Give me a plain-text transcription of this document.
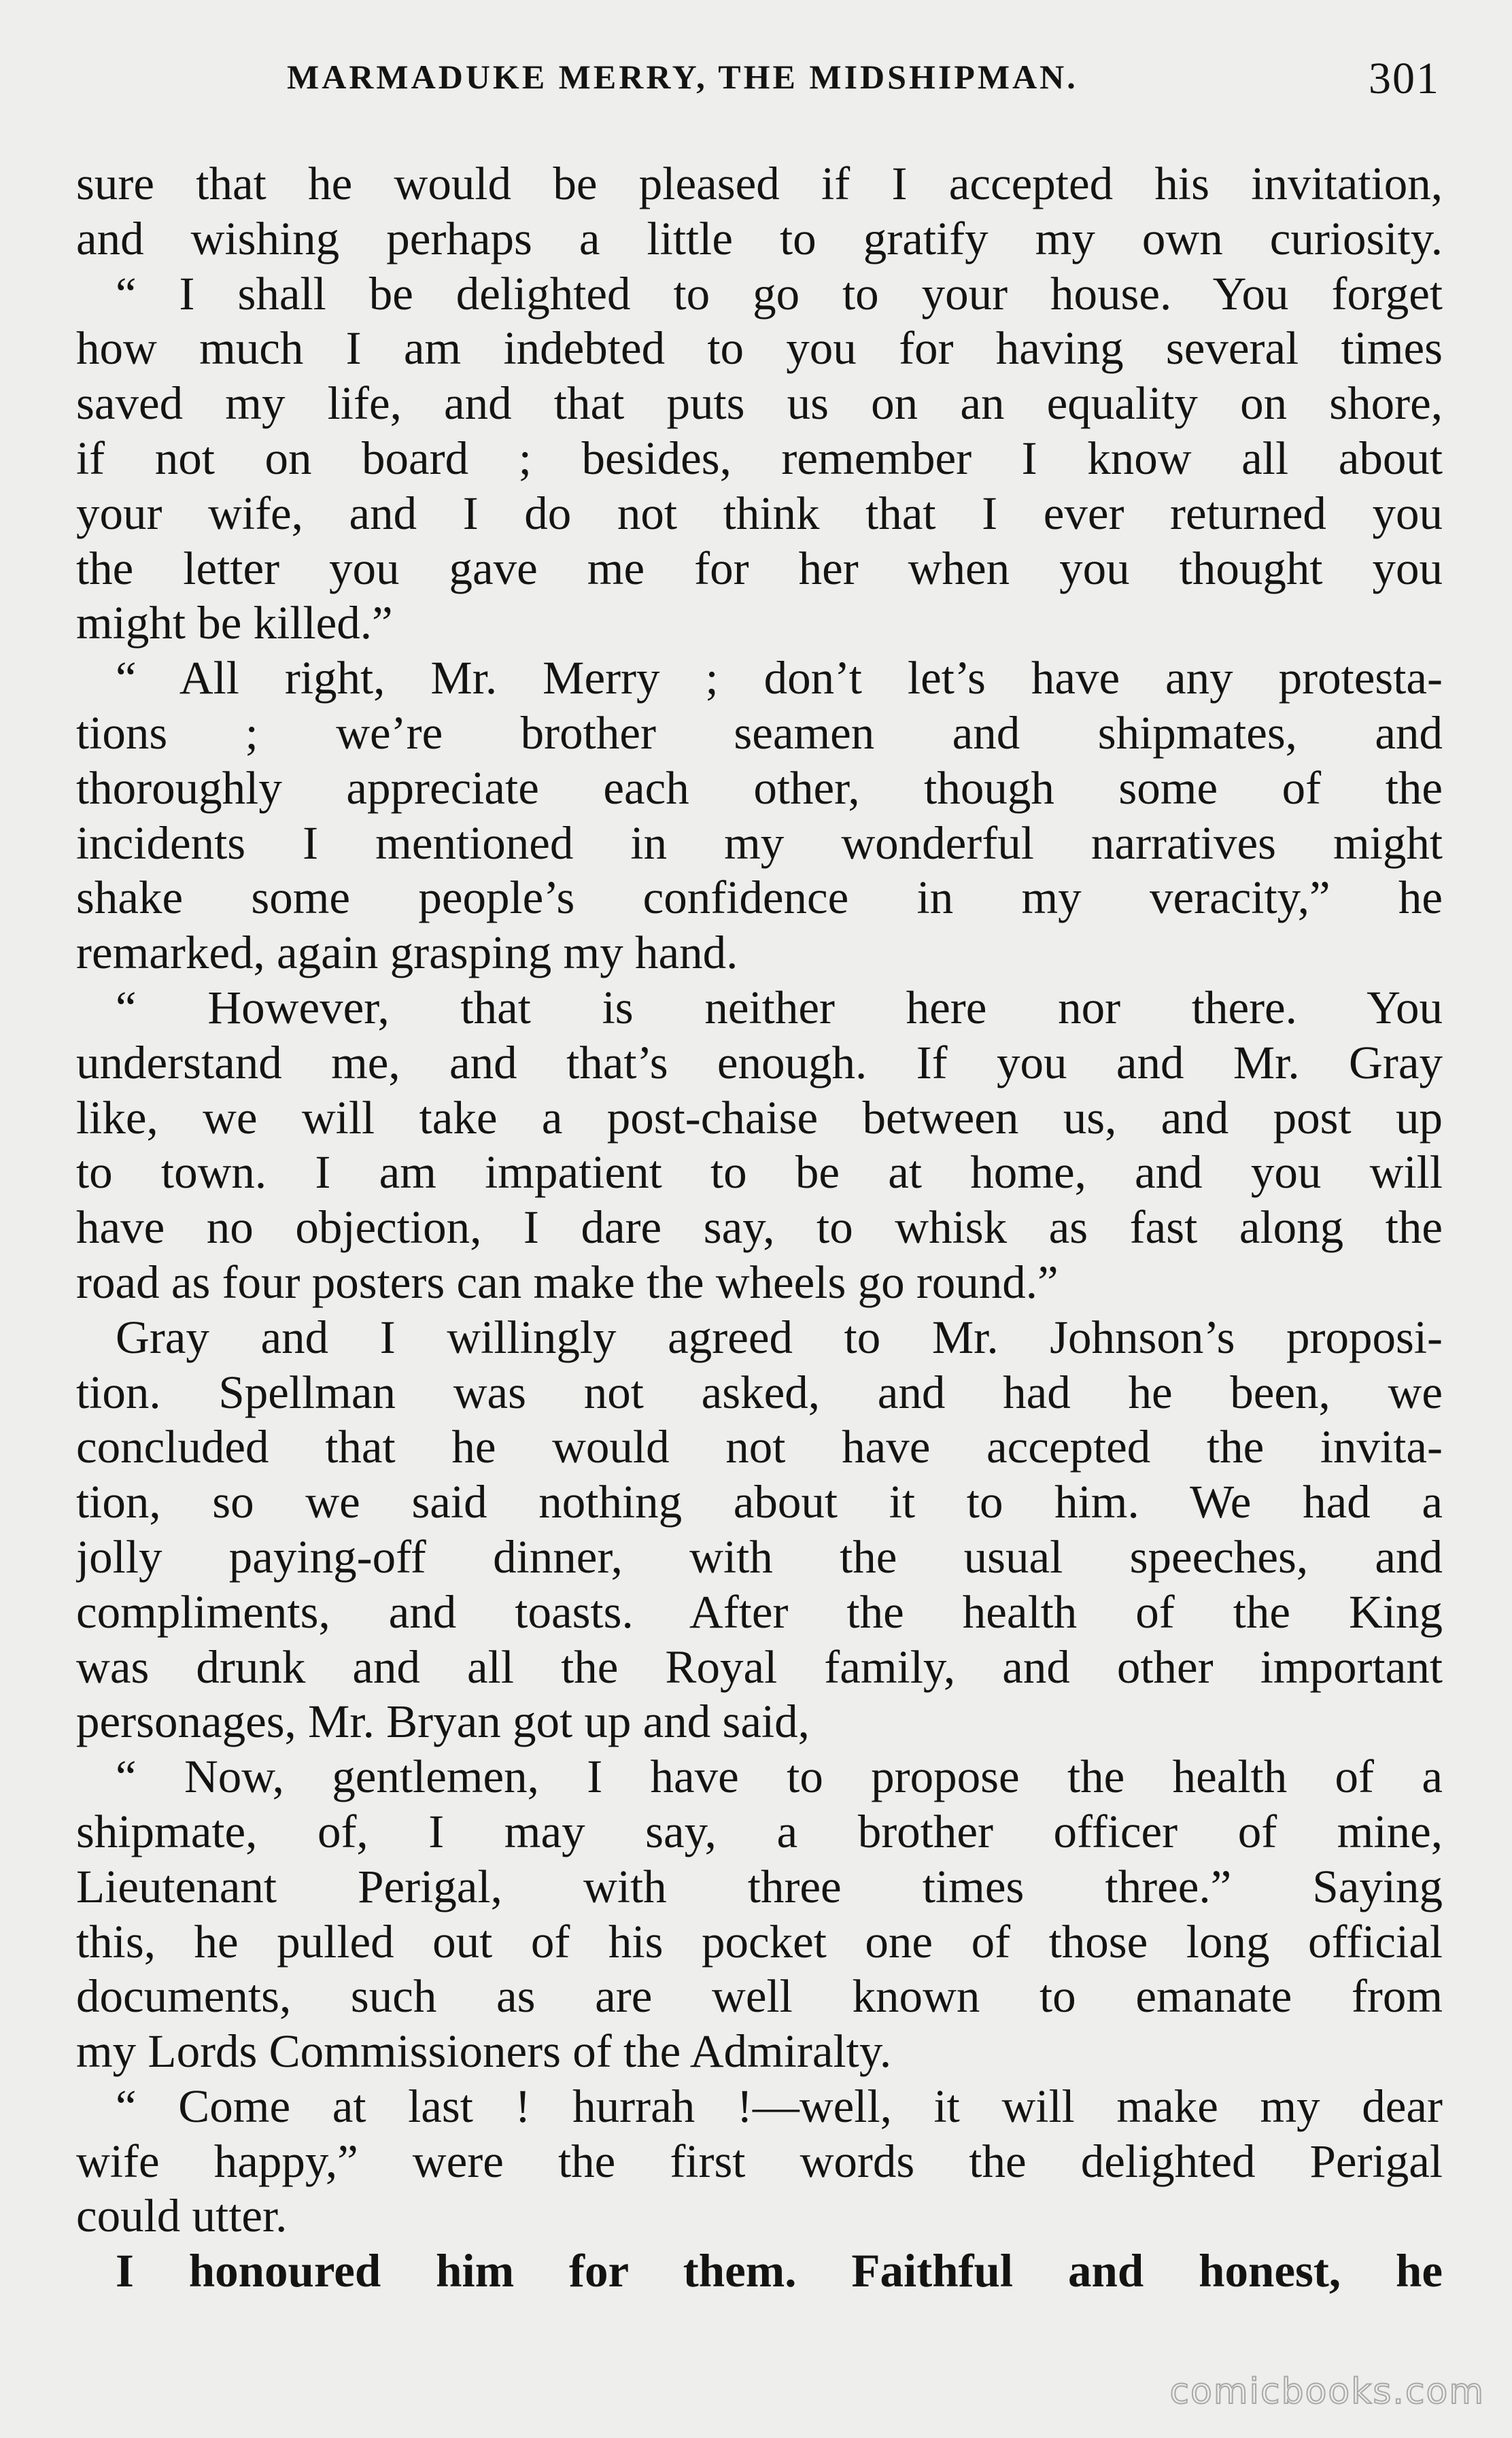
MARMADUKE MERRY, THE MIDSHIPMAN.	301
sure that he would be pleased if I accepted his invitation,
and wishing perhaps a little to gratify my own curiosity.
“ I shall be delighted to go to your house. You forget
how much I am indebted to you for having several times
saved my life, and that puts us on an equality on shore,
if not on board ; besides, remember I know all about
your wife, and I do not think that I ever returned you
the letter you gave me for her when you thought you
might be killed.”
“ All right, Mr. Merry ; don’t let’s have any protesta-
tions ; we’re brother seamen and shipmates, and
thoroughly appreciate each other, though some of the
incidents I mentioned in my wonderful narratives might
shake some people’s confidence in my veracity,” he
remarked, again grasping my hand.
“ However, that is neither here nor there. You
understand me, and that’s enough. If you and Mr. Gray
like, we will take a post-chaise between us, and post up
to town. I am impatient to be at home, and you will
have no objection, I dare say, to whisk as fast along the
road as four posters can make the wheels go round.”
Gray and I willingly agreed to Mr. Johnson’s proposi-
tion. Spellman was not asked, and had he been, we
concluded that he would not have accepted the invita-
tion, so we said nothing about it to him. We had a
jolly paying-off dinner, with the usual speeches, and
compliments, and toasts. After the health of the King
was drunk and all the Royal family, and other important
personages, Mr. Bryan got up and said,
“ Now, gentlemen, I have to propose the health of a
shipmate, of, I may say, a brother officer of mine,
Lieutenant Perigal, with three times three.” Saying
this, he pulled out of his pocket one of those long official
documents, such as are well known to emanate from
my Lords Commissioners of the Admiralty.
“ Come at last ! hurrah !—well, it will make my dear
wife happy,” were the first words the delighted Perigal
could utter.
I honoured him for them. Faithful and honest, he
comicbooks.com
